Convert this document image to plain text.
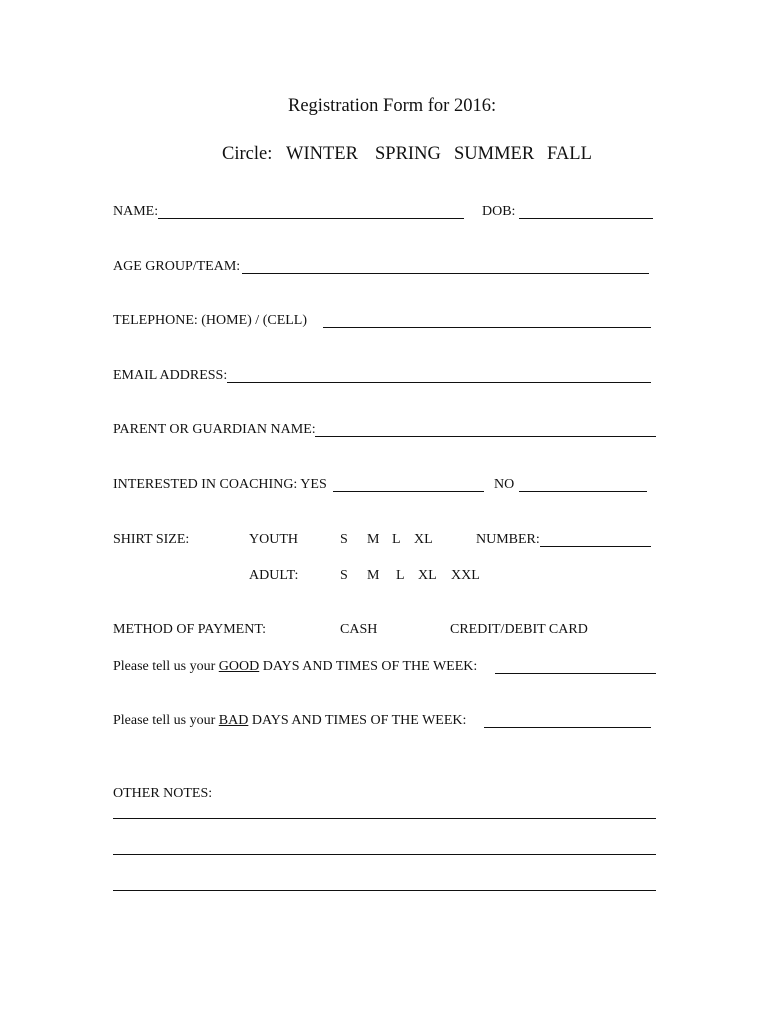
Registration Form for 2016:
Circle: WINTER SPRING SUMMER FALL
NAME:	DOB:
AGE GROUP/TEAM:
TELEPHONE: (HOME) / (CELL)
EMAIL ADDRESS:
PARENT OR GUARDIAN NAME:
INTERESTED IN COACHING: YES	NO
SHIRT SIZE:	YOUTH	S M L XL	NUMBER:
ADULT:	S M L XL XXL
METHOD OF PAYMENT:	CASH	CREDIT/DEBIT CARD
Please tell us your GOOD DAYS AND TIMES OF THE WEEK:
Please tell us your BAD DAYS AND TIMES OF THE WEEK:
OTHER NOTES:
